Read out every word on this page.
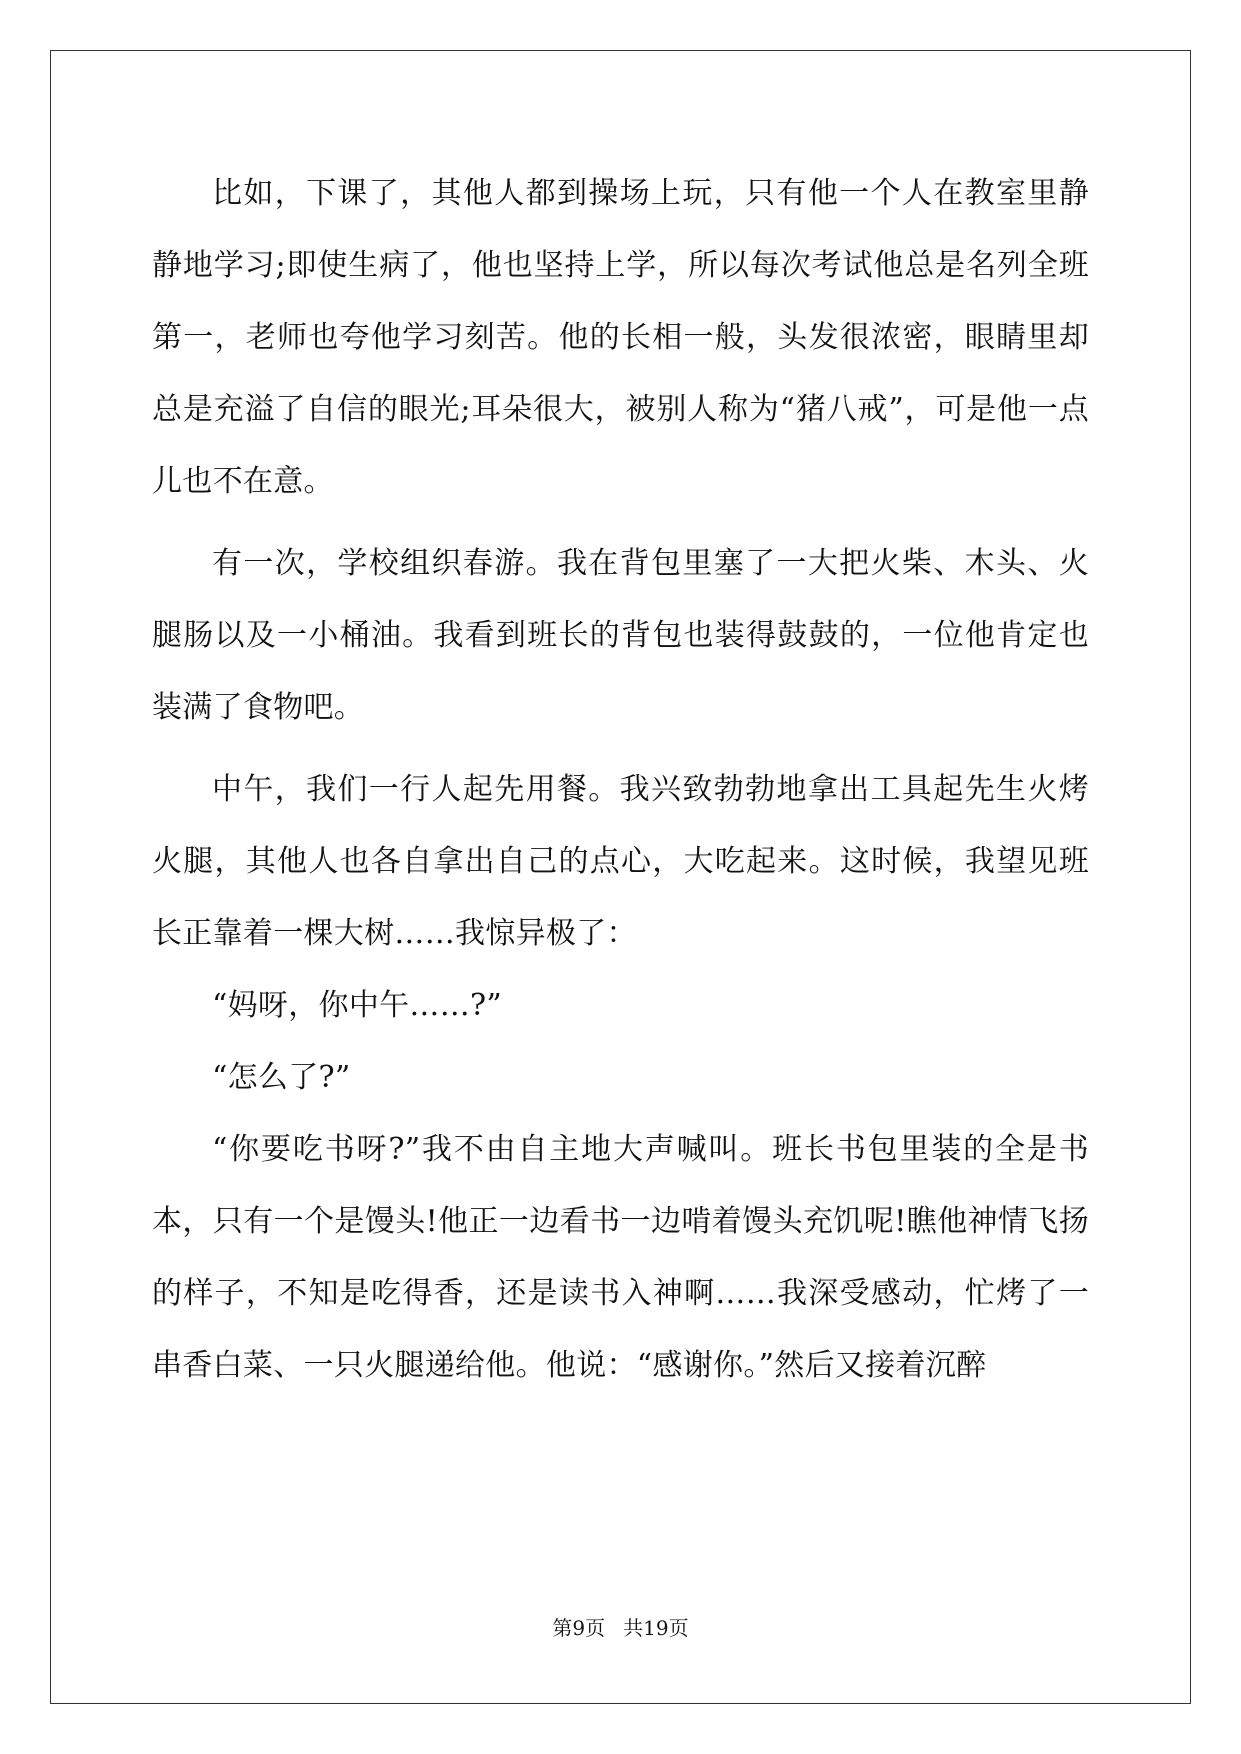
比如，下课了，其他人都到操场上玩，只有他一个人在教室里静静地学习;即使生病了，他也坚持上学，所以每次考试他总是名列全班第一，老师也夸他学习刻苦。他的长相一般，头发很浓密，眼睛里却总是充溢了自信的眼光;耳朵很大，被别人称为“猪八戒”，可是他一点儿也不在意。

有一次，学校组织春游。我在背包里塞了一大把火柴、木头、火腿肠以及一小桶油。我看到班长的背包也装得鼓鼓的，一位他肯定也装满了食物吧。

中午，我们一行人起先用餐。我兴致勃勃地拿出工具起先生火烤火腿，其他人也各自拿出自己的点心，大吃起来。这时候，我望见班长正靠着一棵大树……我惊异极了：

“妈呀，你中午……?”

“怎么了?”

“你要吃书呀?”我不由自主地大声喊叫。班长书包里装的全是书本，只有一个是馒头!他正一边看书一边啃着馒头充饥呢!瞧他神情飞扬的样子，不知是吃得香，还是读书入神啊……我深受感动，忙烤了一串香白菜、一只火腿递给他。他说：“感谢你。”然后又接着沉醉

第9页 共19页
